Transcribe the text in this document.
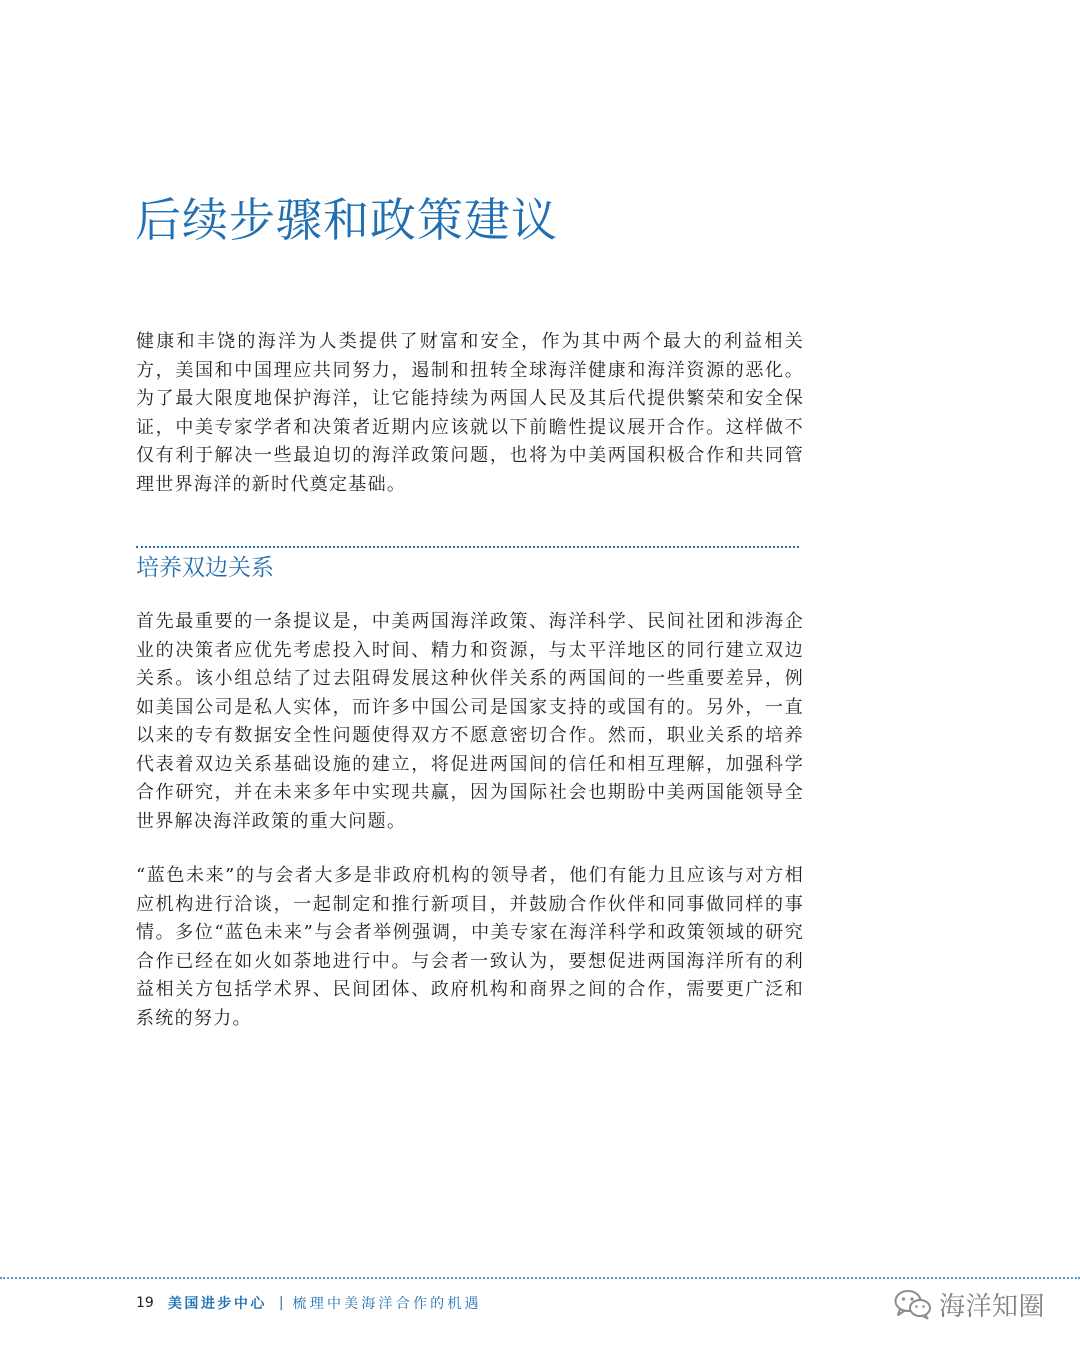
后续步骤和政策建议

健康和丰饶的海洋为人类提供了财富和安全，作为其中两个最大的利益相关方，美国和中国理应共同努力，遏制和扭转全球海洋健康和海洋资源的恶化。为了最大限度地保护海洋，让它能持续为两国人民及其后代提供繁荣和安全保证，中美专家学者和决策者近期内应该就以下前瞻性提议展开合作。这样做不仅有利于解决一些最迫切的海洋政策问题，也将为中美两国积极合作和共同管理世界海洋的新时代奠定基础。

培养双边关系

首先最重要的一条提议是，中美两国海洋政策、海洋科学、民间社团和涉海企业的决策者应优先考虑投入时间、精力和资源，与太平洋地区的同行建立双边关系。该小组总结了过去阻碍发展这种伙伴关系的两国间的一些重要差异，例如美国公司是私人实体，而许多中国公司是国家支持的或国有的。另外，一直以来的专有数据安全性问题使得双方不愿意密切合作。然而，职业关系的培养代表着双边关系基础设施的建立，将促进两国间的信任和相互理解，加强科学合作研究，并在未来多年中实现共赢，因为国际社会也期盼中美两国能领导全世界解决海洋政策的重大问题。

“蓝色未来”的与会者大多是非政府机构的领导者，他们有能力且应该与对方相应机构进行洽谈，一起制定和推行新项目，并鼓励合作伙伴和同事做同样的事情。多位“蓝色未来”与会者举例强调，中美专家在海洋科学和政策领域的研究合作已经在如火如荼地进行中。与会者一致认为，要想促进两国海洋所有的利益相关方包括学术界、民间团体、政府机构和商界之间的合作，需要更广泛和系统的努力。

19 美国进步中心 | 梳理中美海洋合作的机遇	海洋知圈
